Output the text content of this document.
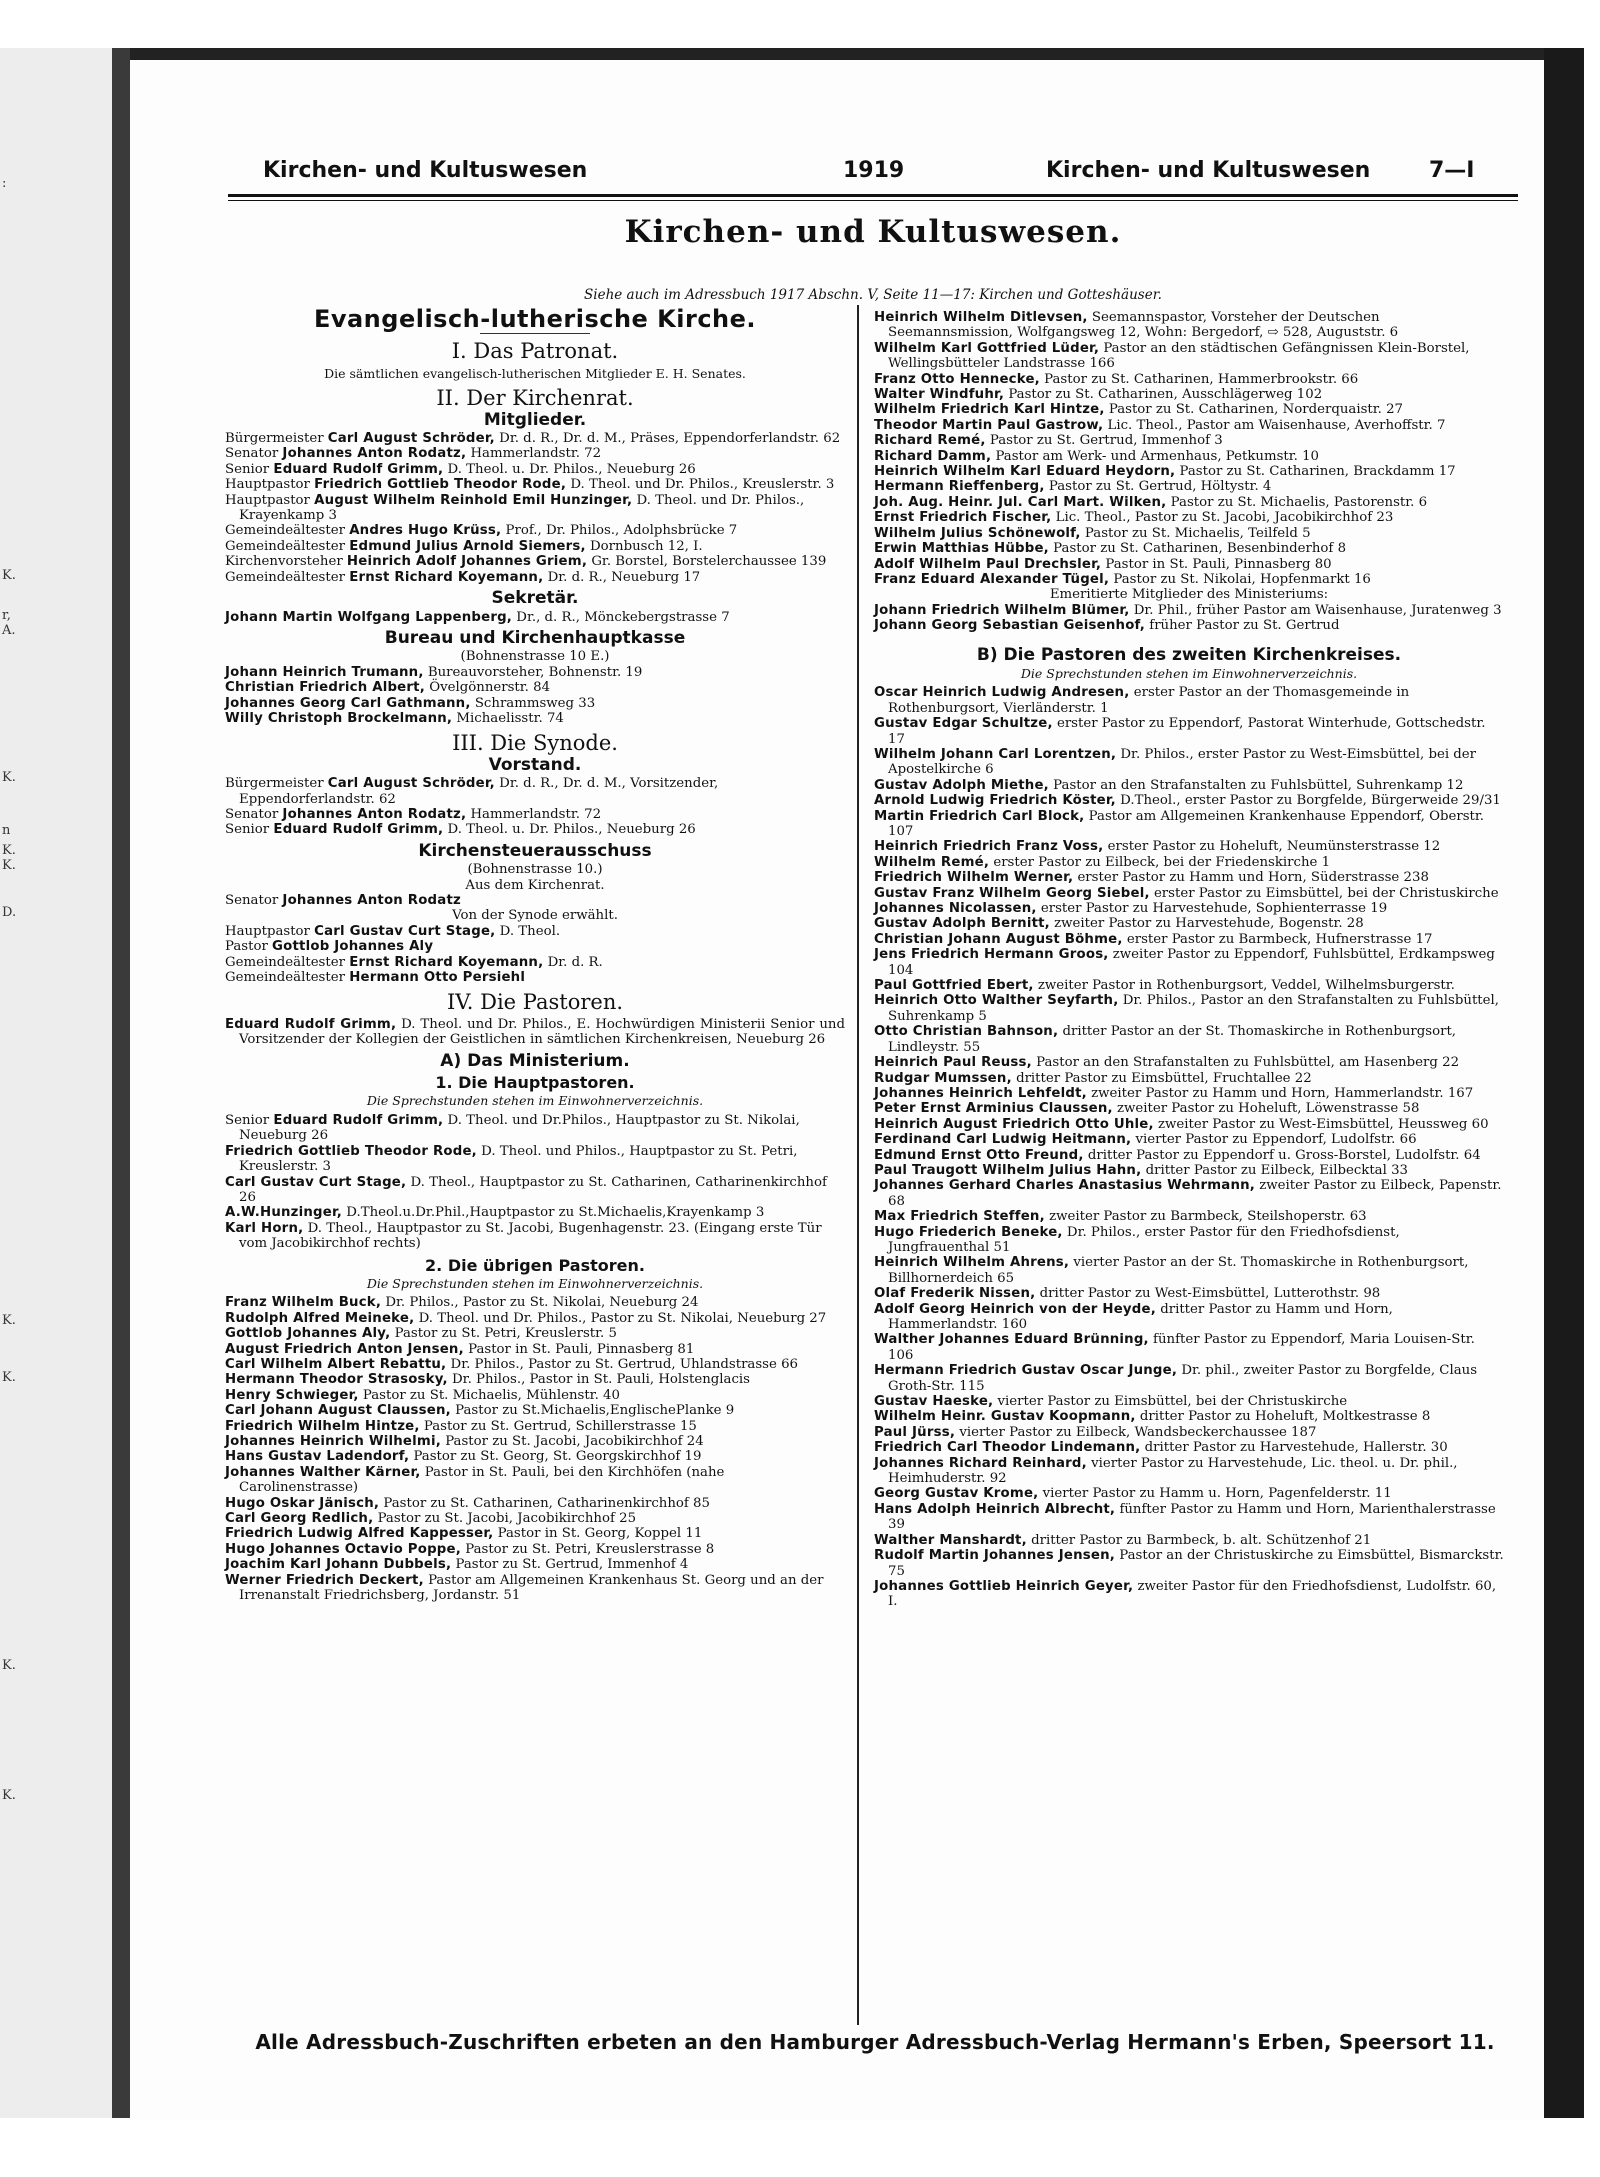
:
K.
r,
A.
K.
n
K.
K.
D.
K.
K.
K.
K.
Kirchen- und Kultuswesen	1919	Kirchen- und Kultuswesen	7—I
Kirchen- und Kultuswesen.
Siehe auch im Adressbuch 1917 Abschn. V, Seite 11—17: Kirchen und Gotteshäuser.
Evangelisch-lutherische Kirche.
I. Das Patronat.
Die sämtlichen evangelisch-lutherischen Mitglieder E. H. Senates.
II. Der Kirchenrat.
Mitglieder.
Bürgermeister Carl August Schröder, Dr. d. R., Dr. d. M., Präses, Eppendorferlandstr. 62
Senator Johannes Anton Rodatz, Hammerlandstr. 72
Senior Eduard Rudolf Grimm, D. Theol. u. Dr. Philos., Neueburg 26
Hauptpastor Friedrich Gottlieb Theodor Rode, D. Theol. und Dr. Philos., Kreuslerstr. 3
Hauptpastor August Wilhelm Reinhold Emil Hunzinger, D. Theol. und Dr. Philos., Krayenkamp 3
Gemeindeältester Andres Hugo Krüss, Prof., Dr. Philos., Adolphsbrücke 7
Gemeindeältester Edmund Julius Arnold Siemers, Dornbusch 12, I.
Kirchenvorsteher Heinrich Adolf Johannes Griem, Gr. Borstel, Borstelerchaussee 139
Gemeindeältester Ernst Richard Koyemann, Dr. d. R., Neueburg 17
Sekretär.
Johann Martin Wolfgang Lappenberg, Dr., d. R., Mönckebergstrasse 7
Bureau und Kirchenhauptkasse
(Bohnenstrasse 10 E.)
Johann Heinrich Trumann, Bureauvorsteher, Bohnenstr. 19
Christian Friedrich Albert, Övelgönnerstr. 84
Johannes Georg Carl Gathmann, Schrammsweg 33
Willy Christoph Brockelmann, Michaelisstr. 74
III. Die Synode.
Vorstand.
Bürgermeister Carl August Schröder, Dr. d. R., Dr. d. M., Vorsitzender, Eppendorferlandstr. 62
Senator Johannes Anton Rodatz, Hammerlandstr. 72
Senior Eduard Rudolf Grimm, D. Theol. u. Dr. Philos., Neueburg 26
Kirchensteuerausschuss
(Bohnenstrasse 10.)
Aus dem Kirchenrat.
Senator Johannes Anton Rodatz
Von der Synode erwählt.
Hauptpastor Carl Gustav Curt Stage, D. Theol.
Pastor Gottlob Johannes Aly
Gemeindeältester Ernst Richard Koyemann, Dr. d. R.
Gemeindeältester Hermann Otto Persiehl
IV. Die Pastoren.
Eduard Rudolf Grimm, D. Theol. und Dr. Philos., E. Hochwürdigen Ministerii Senior und Vorsitzender der Kollegien der Geistlichen in sämtlichen Kirchenkreisen, Neueburg 26
A) Das Ministerium.
1. Die Hauptpastoren.
Die Sprechstunden stehen im Einwohnerverzeichnis.
Senior Eduard Rudolf Grimm, D. Theol. und Dr.Philos., Hauptpastor zu St. Nikolai, Neueburg 26
Friedrich Gottlieb Theodor Rode, D. Theol. und Philos., Hauptpastor zu St. Petri, Kreuslerstr. 3
Carl Gustav Curt Stage, D. Theol., Hauptpastor zu St. Catharinen, Catharinenkirchhof 26
A.W.Hunzinger, D.Theol.u.Dr.Phil.,Hauptpastor zu St.Michaelis,Krayenkamp 3
Karl Horn, D. Theol., Hauptpastor zu St. Jacobi, Bugenhagenstr. 23. (Eingang erste Tür vom Jacobikirchhof rechts)
2. Die übrigen Pastoren.
Die Sprechstunden stehen im Einwohnerverzeichnis.
Franz Wilhelm Buck, Dr. Philos., Pastor zu St. Nikolai, Neueburg 24
Rudolph Alfred Meineke, D. Theol. und Dr. Philos., Pastor zu St. Nikolai, Neueburg 27
Gottlob Johannes Aly, Pastor zu St. Petri, Kreuslerstr. 5
August Friedrich Anton Jensen, Pastor in St. Pauli, Pinnasberg 81
Carl Wilhelm Albert Rebattu, Dr. Philos., Pastor zu St. Gertrud, Uhlandstrasse 66
Hermann Theodor Strasosky, Dr. Philos., Pastor in St. Pauli, Holstenglacis
Henry Schwieger, Pastor zu St. Michaelis, Mühlenstr. 40
Carl Johann August Claussen, Pastor zu St.Michaelis,EnglischePlanke 9
Friedrich Wilhelm Hintze, Pastor zu St. Gertrud, Schillerstrasse 15
Johannes Heinrich Wilhelmi, Pastor zu St. Jacobi, Jacobikirchhof 24
Hans Gustav Ladendorf, Pastor zu St. Georg, St. Georgskirchhof 19
Johannes Walther Kärner, Pastor in St. Pauli, bei den Kirchhöfen (nahe Carolinenstrasse)
Hugo Oskar Jänisch, Pastor zu St. Catharinen, Catharinenkirchhof 85
Carl Georg Redlich, Pastor zu St. Jacobi, Jacobikirchhof 25
Friedrich Ludwig Alfred Kappesser, Pastor in St. Georg, Koppel 11
Hugo Johannes Octavio Poppe, Pastor zu St. Petri, Kreuslerstrasse 8
Joachim Karl Johann Dubbels, Pastor zu St. Gertrud, Immenhof 4
Werner Friedrich Deckert, Pastor am Allgemeinen Krankenhaus St. Georg und an der Irrenanstalt Friedrichsberg, Jordanstr. 51
Heinrich Wilhelm Ditlevsen, Seemannspastor, Vorsteher der Deutschen Seemannsmission, Wolfgangsweg 12, Wohn: Bergedorf, ⇨ 528, Auguststr. 6
Wilhelm Karl Gottfried Lüder, Pastor an den städtischen Gefängnissen Klein-Borstel, Wellingsbütteler Landstrasse 166
Franz Otto Hennecke, Pastor zu St. Catharinen, Hammerbrookstr. 66
Walter Windfuhr, Pastor zu St. Catharinen, Ausschlägerweg 102
Wilhelm Friedrich Karl Hintze, Pastor zu St. Catharinen, Norderquaistr. 27
Theodor Martin Paul Gastrow, Lic. Theol., Pastor am Waisenhause, Averhoffstr. 7
Richard Remé, Pastor zu St. Gertrud, Immenhof 3
Richard Damm, Pastor am Werk- und Armenhaus, Petkumstr. 10
Heinrich Wilhelm Karl Eduard Heydorn, Pastor zu St. Catharinen, Brackdamm 17
Hermann Rieffenberg, Pastor zu St. Gertrud, Höltystr. 4
Joh. Aug. Heinr. Jul. Carl Mart. Wilken, Pastor zu St. Michaelis, Pastorenstr. 6
Ernst Friedrich Fischer, Lic. Theol., Pastor zu St. Jacobi, Jacobikirchhof 23
Wilhelm Julius Schönewolf, Pastor zu St. Michaelis, Teilfeld 5
Erwin Matthias Hübbe, Pastor zu St. Catharinen, Besenbinderhof 8
Adolf Wilhelm Paul Drechsler, Pastor in St. Pauli, Pinnasberg 80
Franz Eduard Alexander Tügel, Pastor zu St. Nikolai, Hopfenmarkt 16
Emeritierte Mitglieder des Ministeriums:
Johann Friedrich Wilhelm Blümer, Dr. Phil., früher Pastor am Waisenhause, Juratenweg 3
Johann Georg Sebastian Geisenhof, früher Pastor zu St. Gertrud
B) Die Pastoren des zweiten Kirchenkreises.
Die Sprechstunden stehen im Einwohnerverzeichnis.
Oscar Heinrich Ludwig Andresen, erster Pastor an der Thomasgemeinde in Rothenburgsort, Vierländerstr. 1
Gustav Edgar Schultze, erster Pastor zu Eppendorf, Pastorat Winterhude, Gottschedstr. 17
Wilhelm Johann Carl Lorentzen, Dr. Philos., erster Pastor zu West-Eimsbüttel, bei der Apostelkirche 6
Gustav Adolph Miethe, Pastor an den Strafanstalten zu Fuhlsbüttel, Suhrenkamp 12
Arnold Ludwig Friedrich Köster, D.Theol., erster Pastor zu Borgfelde, Bürgerweide 29/31
Martin Friedrich Carl Block, Pastor am Allgemeinen Krankenhause Eppendorf, Oberstr. 107
Heinrich Friedrich Franz Voss, erster Pastor zu Hoheluft, Neumünsterstrasse 12
Wilhelm Remé, erster Pastor zu Eilbeck, bei der Friedenskirche 1
Friedrich Wilhelm Werner, erster Pastor zu Hamm und Horn, Süderstrasse 238
Gustav Franz Wilhelm Georg Siebel, erster Pastor zu Eimsbüttel, bei der Christuskirche
Johannes Nicolassen, erster Pastor zu Harvestehude, Sophienterrasse 19
Gustav Adolph Bernitt, zweiter Pastor zu Harvestehude, Bogenstr. 28
Christian Johann August Böhme, erster Pastor zu Barmbeck, Hufnerstrasse 17
Jens Friedrich Hermann Groos, zweiter Pastor zu Eppendorf, Fuhlsbüttel, Erdkampsweg 104
Paul Gottfried Ebert, zweiter Pastor in Rothenburgsort, Veddel, Wilhelmsburgerstr.
Heinrich Otto Walther Seyfarth, Dr. Philos., Pastor an den Strafanstalten zu Fuhlsbüttel, Suhrenkamp 5
Otto Christian Bahnson, dritter Pastor an der St. Thomaskirche in Rothenburgsort, Lindleystr. 55
Heinrich Paul Reuss, Pastor an den Strafanstalten zu Fuhlsbüttel, am Hasenberg 22
Rudgar Mumssen, dritter Pastor zu Eimsbüttel, Fruchtallee 22
Johannes Heinrich Lehfeldt, zweiter Pastor zu Hamm und Horn, Hammerlandstr. 167
Peter Ernst Arminius Claussen, zweiter Pastor zu Hoheluft, Löwenstrasse 58
Heinrich August Friedrich Otto Uhle, zweiter Pastor zu West-Eimsbüttel, Heussweg 60
Ferdinand Carl Ludwig Heitmann, vierter Pastor zu Eppendorf, Ludolfstr. 66
Edmund Ernst Otto Freund, dritter Pastor zu Eppendorf u. Gross-Borstel, Ludolfstr. 64
Paul Traugott Wilhelm Julius Hahn, dritter Pastor zu Eilbeck, Eilbecktal 33
Johannes Gerhard Charles Anastasius Wehrmann, zweiter Pastor zu Eilbeck, Papenstr. 68
Max Friedrich Steffen, zweiter Pastor zu Barmbeck, Steilshoperstr. 63
Hugo Friederich Beneke, Dr. Philos., erster Pastor für den Friedhofsdienst, Jungfrauenthal 51
Heinrich Wilhelm Ahrens, vierter Pastor an der St. Thomaskirche in Rothenburgsort, Billhornerdeich 65
Olaf Frederik Nissen, dritter Pastor zu West-Eimsbüttel, Lutterothstr. 98
Adolf Georg Heinrich von der Heyde, dritter Pastor zu Hamm und Horn, Hammerlandstr. 160
Walther Johannes Eduard Brünning, fünfter Pastor zu Eppendorf, Maria Louisen-Str. 106
Hermann Friedrich Gustav Oscar Junge, Dr. phil., zweiter Pastor zu Borgfelde, Claus Groth-Str. 115
Gustav Haeske, vierter Pastor zu Eimsbüttel, bei der Christuskirche
Wilhelm Heinr. Gustav Koopmann, dritter Pastor zu Hoheluft, Moltkestrasse 8
Paul Jürss, vierter Pastor zu Eilbeck, Wandsbeckerchaussee 187
Friedrich Carl Theodor Lindemann, dritter Pastor zu Harvestehude, Hallerstr. 30
Johannes Richard Reinhard, vierter Pastor zu Harvestehude, Lic. theol. u. Dr. phil., Heimhuderstr. 92
Georg Gustav Krome, vierter Pastor zu Hamm u. Horn, Pagenfelderstr. 11
Hans Adolph Heinrich Albrecht, fünfter Pastor zu Hamm und Horn, Marienthalerstrasse 39
Walther Manshardt, dritter Pastor zu Barmbeck, b. alt. Schützenhof 21
Rudolf Martin Johannes Jensen, Pastor an der Christuskirche zu Eimsbüttel, Bismarckstr. 75
Johannes Gottlieb Heinrich Geyer, zweiter Pastor für den Friedhofsdienst, Ludolfstr. 60, I.
Alle Adressbuch-Zuschriften erbeten an den Hamburger Adressbuch-Verlag Hermann's Erben, Speersort 11.
